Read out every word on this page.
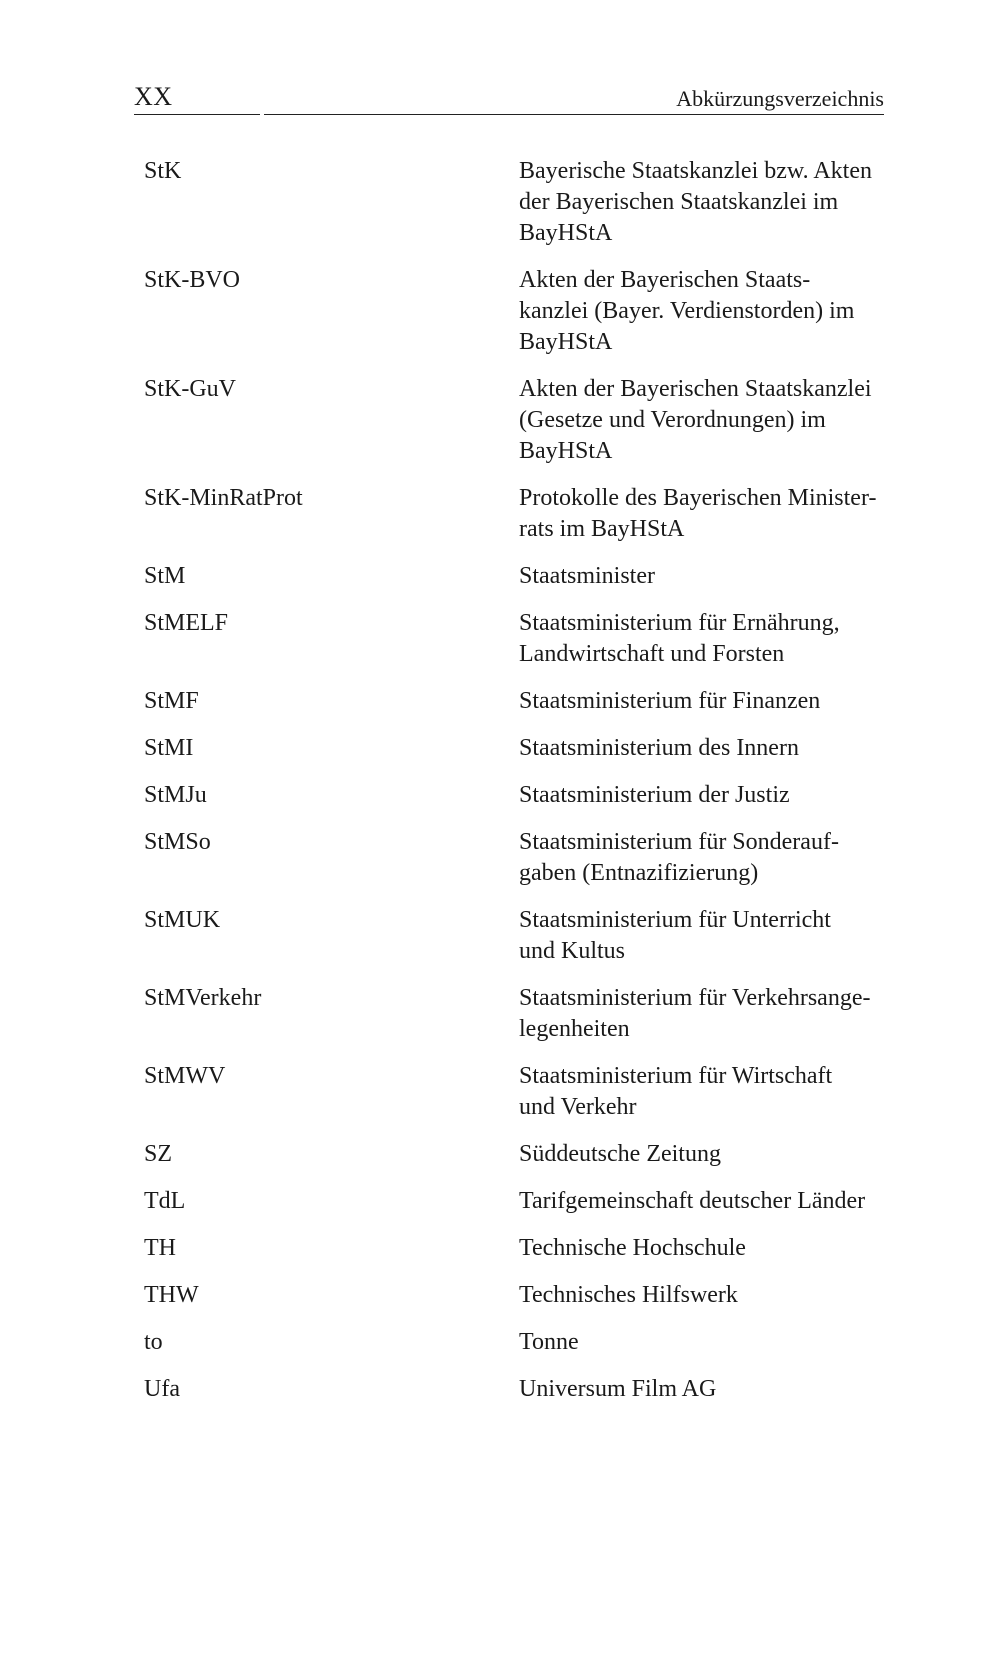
XX	Abkürzungsverzeichnis
StK	Bayerische Staatskanzlei bzw. Akten
der Bayerischen Staatskanzlei im
BayHStA
StK-BVO	Akten der Bayerischen Staats-
kanzlei (Bayer. Verdienstorden) im
BayHStA
StK-GuV	Akten der Bayerischen Staatskanzlei
(Gesetze und Verordnungen) im
BayHStA
StK-MinRatProt	Protokolle des Bayerischen Minister-
rats im BayHStA
StM	Staatsminister
StMELF	Staatsministerium für Ernährung,
Landwirtschaft und Forsten
StMF	Staatsministerium für Finanzen
StMI	Staatsministerium des Innern
StMJu	Staatsministerium der Justiz
StMSo	Staatsministerium für Sonderauf-
gaben (Entnazifizierung)
StMUK	Staatsministerium für Unterricht
und Kultus
StMVerkehr	Staatsministerium für Verkehrsange-
legenheiten
StMWV	Staatsministerium für Wirtschaft
und Verkehr
SZ	Süddeutsche Zeitung
TdL	Tarifgemeinschaft deutscher Länder
TH	Technische Hochschule
THW	Technisches Hilfswerk
to	Tonne
Ufa	Universum Film AG
